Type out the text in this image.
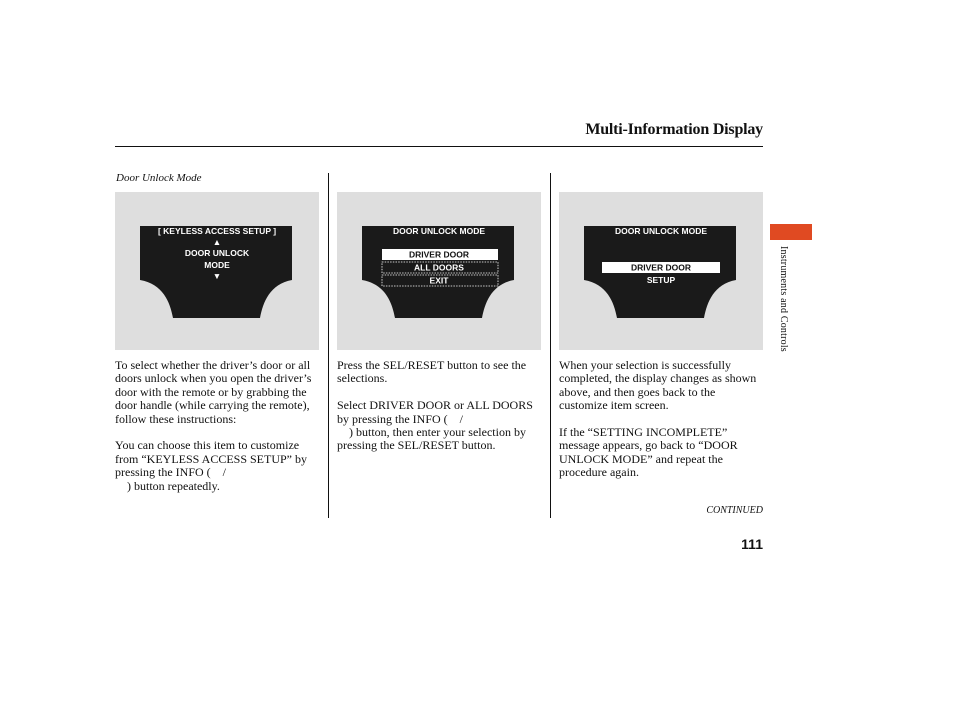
Multi-Information Display
Door Unlock Mode
[ KEYLESS ACCESS SETUP ]
▲
DOOR UNLOCK
MODE
▼
DOOR UNLOCK MODE
DRIVER DOOR
ALL DOORS
EXIT
DOOR UNLOCK MODE
DRIVER DOOR
SETUP

To select whether the driver’s door or all doors unlock when you open the driver’s door with the remote or by grabbing the door handle (while carrying the remote), follow these instructions:

You can choose this item to customize from “KEYLESS ACCESS SETUP” by pressing the INFO ( /
) button repeatedly.

Press the SEL/RESET button to see the selections.

Select DRIVER DOOR or ALL DOORS by pressing the INFO ( /
) button, then enter your selection by pressing the SEL/RESET button.

When your selection is successfully completed, the display changes as shown above, and then goes back to the customize item screen.

If the “SETTING INCOMPLETE” message appears, go back to “DOOR UNLOCK MODE” and repeat the procedure again.

Instruments and Controls
CONTINUED
111
